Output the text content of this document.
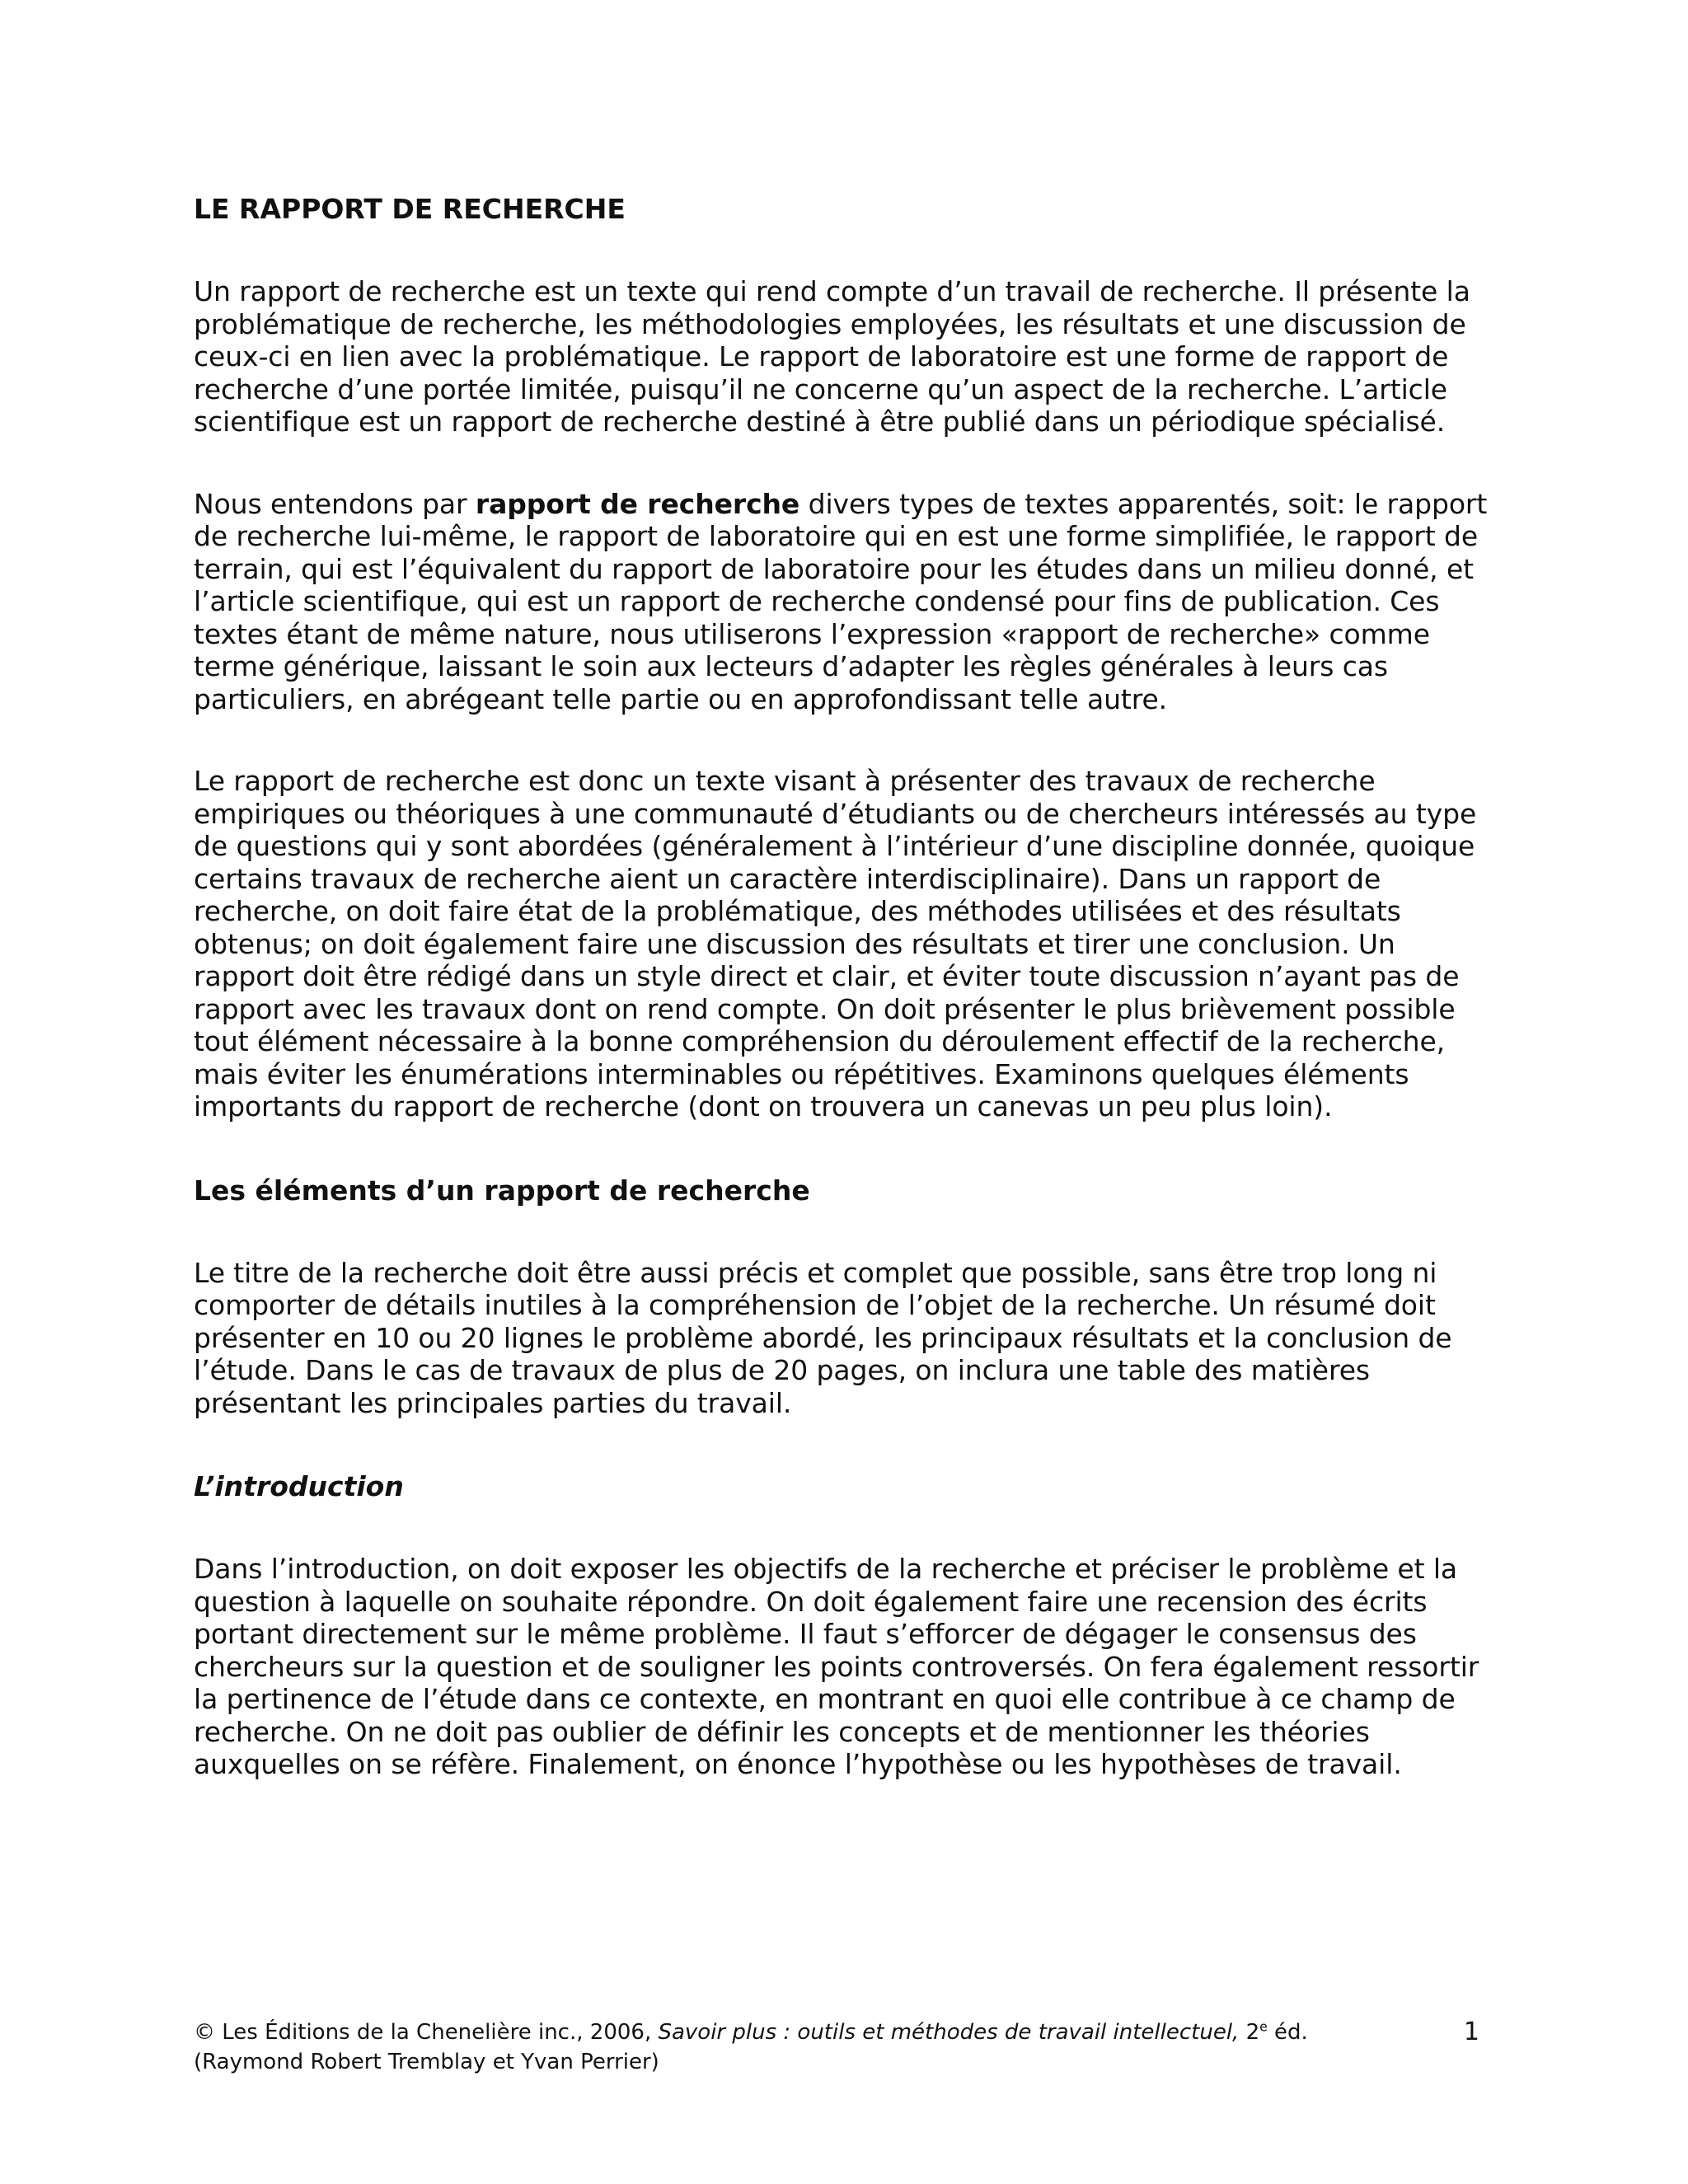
LE RAPPORT DE RECHERCHE

Un rapport de recherche est un texte qui rend compte d’un travail de recherche. Il présente la problématique de recherche, les méthodologies employées, les résultats et une discussion de ceux-ci en lien avec la problématique. Le rapport de laboratoire est une forme de rapport de recherche d’une portée limitée, puisqu’il ne concerne qu’un aspect de la recherche. L’article scientifique est un rapport de recherche destiné à être publié dans un périodique spécialisé.

Nous entendons par rapport de recherche divers types de textes apparentés, soit: le rapport de recherche lui-même, le rapport de laboratoire qui en est une forme simplifiée, le rapport de terrain, qui est l’équivalent du rapport de laboratoire pour les études dans un milieu donné, et l’article scientifique, qui est un rapport de recherche condensé pour fins de publication. Ces textes étant de même nature, nous utiliserons l’expression «rapport de recherche» comme terme générique, laissant le soin aux lecteurs d’adapter les règles générales à leurs cas particuliers, en abrégeant telle partie ou en approfondissant telle autre.

Le rapport de recherche est donc un texte visant à présenter des travaux de recherche empiriques ou théoriques à une communauté d’étudiants ou de chercheurs intéressés au type de questions qui y sont abordées (généralement à l’intérieur d’une discipline donnée, quoique certains travaux de recherche aient un caractère interdisciplinaire). Dans un rapport de recherche, on doit faire état de la problématique, des méthodes utilisées et des résultats obtenus; on doit également faire une discussion des résultats et tirer une conclusion. Un rapport doit être rédigé dans un style direct et clair, et éviter toute discussion n’ayant pas de rapport avec les travaux dont on rend compte. On doit présenter le plus brièvement possible tout élément nécessaire à la bonne compréhension du déroulement effectif de la recherche, mais éviter les énumérations interminables ou répétitives. Examinons quelques éléments importants du rapport de recherche (dont on trouvera un canevas un peu plus loin).

Les éléments d’un rapport de recherche

Le titre de la recherche doit être aussi précis et complet que possible, sans être trop long ni comporter de détails inutiles à la compréhension de l’objet de la recherche. Un résumé doit présenter en 10 ou 20 lignes le problème abordé, les principaux résultats et la conclusion de l’étude. Dans le cas de travaux de plus de 20 pages, on inclura une table des matières présentant les principales parties du travail.

L’introduction

Dans l’introduction, on doit exposer les objectifs de la recherche et préciser le problème et la question à laquelle on souhaite répondre. On doit également faire une recension des écrits portant directement sur le même problème. Il faut s’efforcer de dégager le consensus des chercheurs sur la question et de souligner les points controversés. On fera également ressortir la pertinence de l’étude dans ce contexte, en montrant en quoi elle contribue à ce champ de recherche. On ne doit pas oublier de définir les concepts et de mentionner les théories auxquelles on se réfère. Finalement, on énonce l’hypothèse ou les hypothèses de travail.

© Les Éditions de la Chenelière inc., 2006, Savoir plus : outils et méthodes de travail intellectuel, 2e éd.	1
(Raymond Robert Tremblay et Yvan Perrier)
